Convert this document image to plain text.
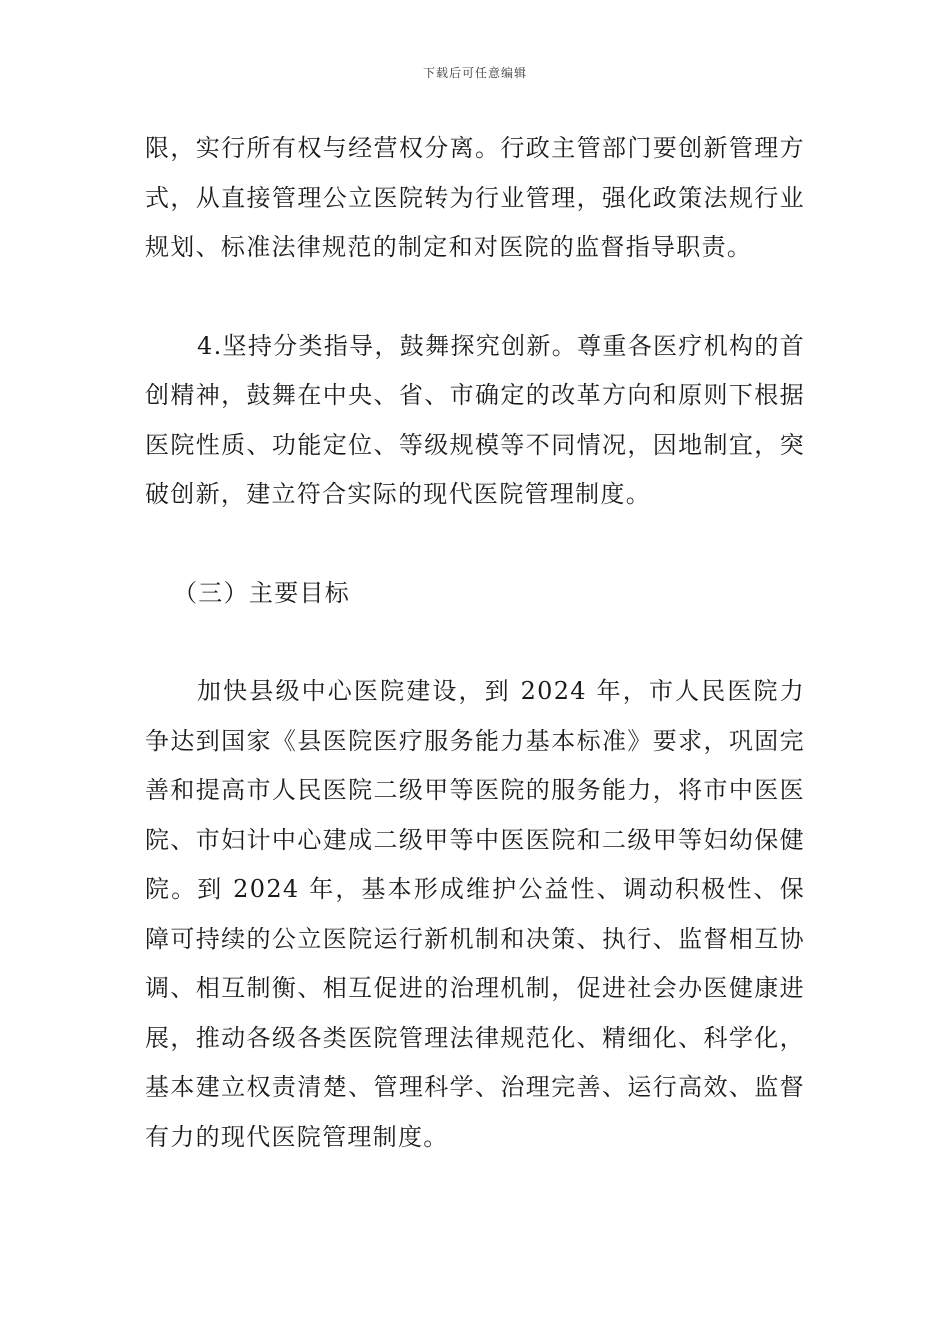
下载后可任意编辑

限，实行所有权与经营权分离。行政主管部门要创新管理方式，从直接管理公立医院转为行业管理，强化政策法规行业规划、标准法律规范的制定和对医院的监督指导职责。

4.坚持分类指导，鼓舞探究创新。尊重各医疗机构的首创精神，鼓舞在中央、省、市确定的改革方向和原则下根据医院性质、功能定位、等级规模等不同情况，因地制宜，突破创新，建立符合实际的现代医院管理制度。

（三）主要目标

加快县级中心医院建设，到 2024 年，市人民医院力争达到国家《县医院医疗服务能力基本标准》要求，巩固完善和提高市人民医院二级甲等医院的服务能力，将市中医医院、市妇计中心建成二级甲等中医医院和二级甲等妇幼保健院。到 2024 年，基本形成维护公益性、调动积极性、保障可持续的公立医院运行新机制和决策、执行、监督相互协调、相互制衡、相互促进的治理机制，促进社会办医健康进展，推动各级各类医院管理法律规范化、精细化、科学化，基本建立权责清楚、管理科学、治理完善、运行高效、监督有力的现代医院管理制度。
